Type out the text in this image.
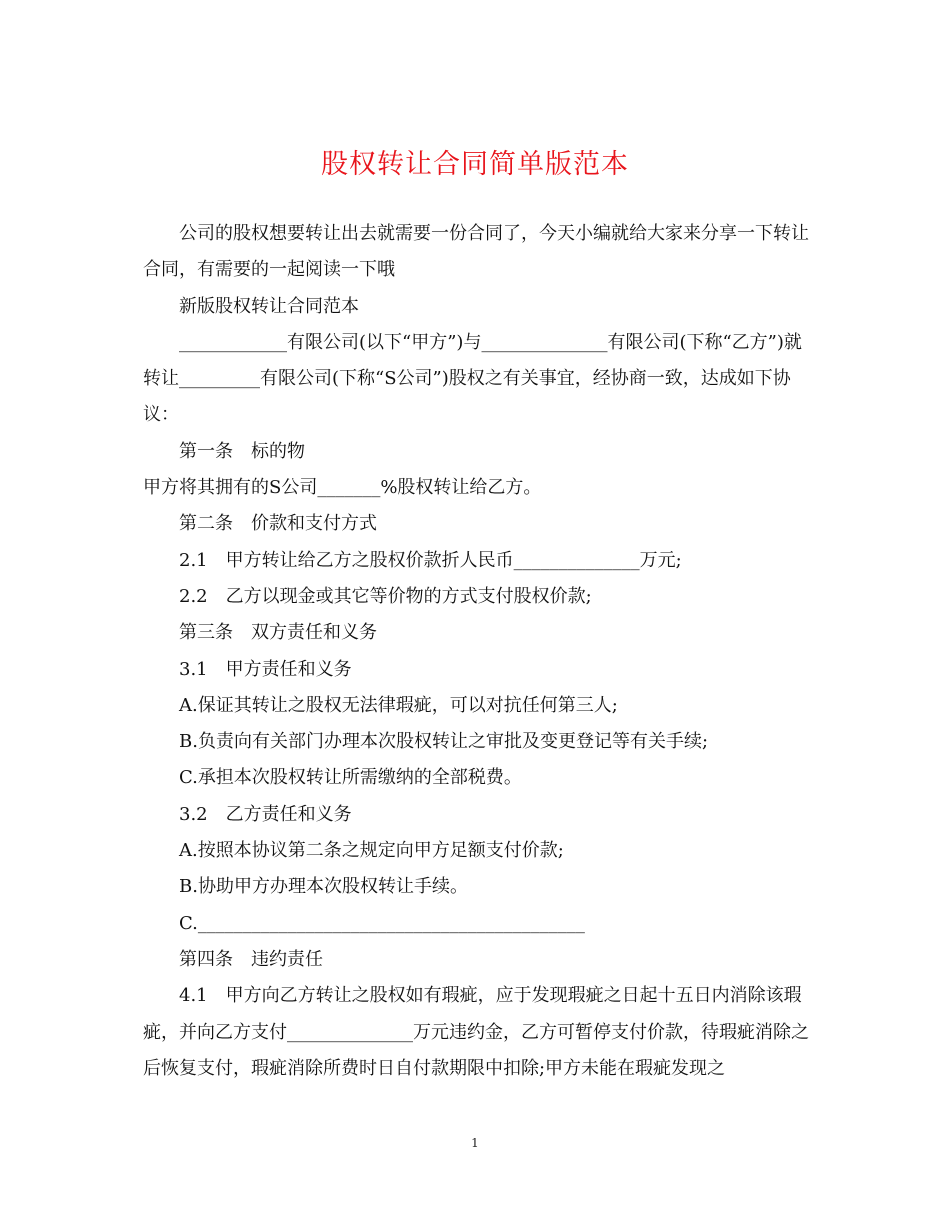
股权转让合同简单版范本

公司的股权想要转让出去就需要一份合同了，今天小编就给大家来分享一下转让合同，有需要的一起阅读一下哦

新版股权转让合同范本

____________有限公司(以下“甲方”)与______________有限公司(下称“乙方”)就转让_________有限公司(下称“S公司”)股权之有关事宜，经协商一致，达成如下协议：

第一条　标的物

甲方将其拥有的S公司_______%股权转让给乙方。

第二条　价款和支付方式

2.1　甲方转让给乙方之股权价款折人民币______________万元;

2.2　乙方以现金或其它等价物的方式支付股权价款;

第三条　双方责任和义务

3.1　甲方责任和义务

A.保证其转让之股权无法律瑕疵，可以对抗任何第三人;

B.负责向有关部门办理本次股权转让之审批及变更登记等有关手续;

C.承担本次股权转让所需缴纳的全部税费。

3.2　乙方责任和义务

A.按照本协议第二条之规定向甲方足额支付价款;

B.协助甲方办理本次股权转让手续。

C.___________________________________________

第四条　违约责任

4.1　甲方向乙方转让之股权如有瑕疵，应于发现瑕疵之日起十五日内消除该瑕疵，并向乙方支付______________万元违约金，乙方可暂停支付价款，待瑕疵消除之后恢复支付，瑕疵消除所费时日自付款期限中扣除;甲方未能在瑕疵发现之

1
